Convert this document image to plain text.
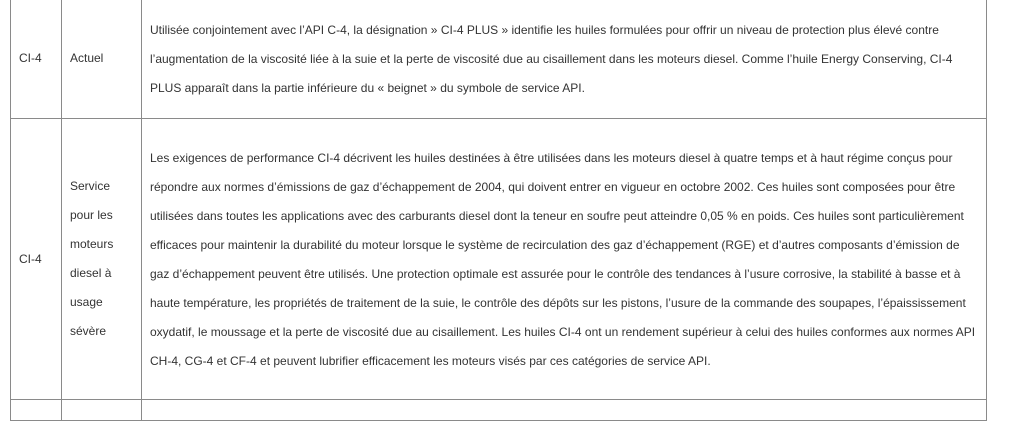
CI-4	Actuel	Utilisée conjointement avec l’API C-4, la désignation » CI-4 PLUS » identifie les huiles formulées pour offrir un niveau de protection plus élevé contre l’augmentation de la viscosité liée à la suie et la perte de viscosité due au cisaillement dans les moteurs diesel. Comme l’huile Energy Conserving, CI-4 PLUS apparaît dans la partie inférieure du « beignet » du symbole de service API.

CI-4	Service pour les moteurs diesel à usage sévère	Les exigences de performance CI-4 décrivent les huiles destinées à être utilisées dans les moteurs diesel à quatre temps et à haut régime conçus pour répondre aux normes d’émissions de gaz d’échappement de 2004, qui doivent entrer en vigueur en octobre 2002. Ces huiles sont composées pour être utilisées dans toutes les applications avec des carburants diesel dont la teneur en soufre peut atteindre 0,05 % en poids. Ces huiles sont particulièrement efficaces pour maintenir la durabilité du moteur lorsque le système de recirculation des gaz d’échappement (RGE) et d’autres composants d’émission de gaz d’échappement peuvent être utilisés. Une protection optimale est assurée pour le contrôle des tendances à l’usure corrosive, la stabilité à basse et à haute température, les propriétés de traitement de la suie, le contrôle des dépôts sur les pistons, l’usure de la commande des soupapes, l’épaississement oxydatif, le moussage et la perte de viscosité due au cisaillement. Les huiles CI-4 ont un rendement supérieur à celui des huiles conformes aux normes API CH-4, CG-4 et CF-4 et peuvent lubrifier efficacement les moteurs visés par ces catégories de service API.
